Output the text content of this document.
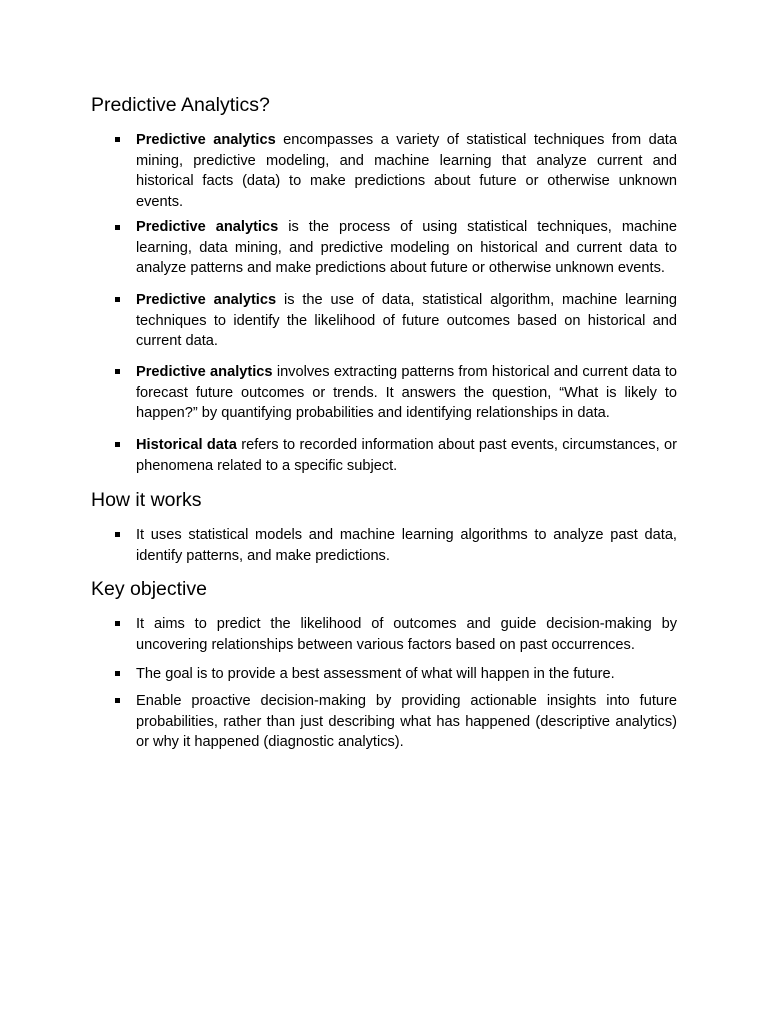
Predictive Analytics?

Predictive analytics encompasses a variety of statistical techniques from data mining, predictive modeling, and machine learning that analyze current and historical facts (data) to make predictions about future or otherwise unknown events.

Predictive analytics is the process of using statistical techniques, machine learning, data mining, and predictive modeling on historical and current data to analyze patterns and make predictions about future or otherwise unknown events.

Predictive analytics is the use of data, statistical algorithm, machine learning techniques to identify the likelihood of future outcomes based on historical and current data.

Predictive analytics involves extracting patterns from historical and current data to forecast future outcomes or trends. It answers the question, “What is likely to happen?” by quantifying probabilities and identifying relationships in data.

Historical data refers to recorded information about past events, circumstances, or phenomena related to a specific subject.

How it works

It uses statistical models and machine learning algorithms to analyze past data, identify patterns, and make predictions.

Key objective

It aims to predict the likelihood of outcomes and guide decision-making by uncovering relationships between various factors based on past occurrences.

The goal is to provide a best assessment of what will happen in the future.

Enable proactive decision-making by providing actionable insights into future probabilities, rather than just describing what has happened (descriptive analytics) or why it happened (diagnostic analytics).
